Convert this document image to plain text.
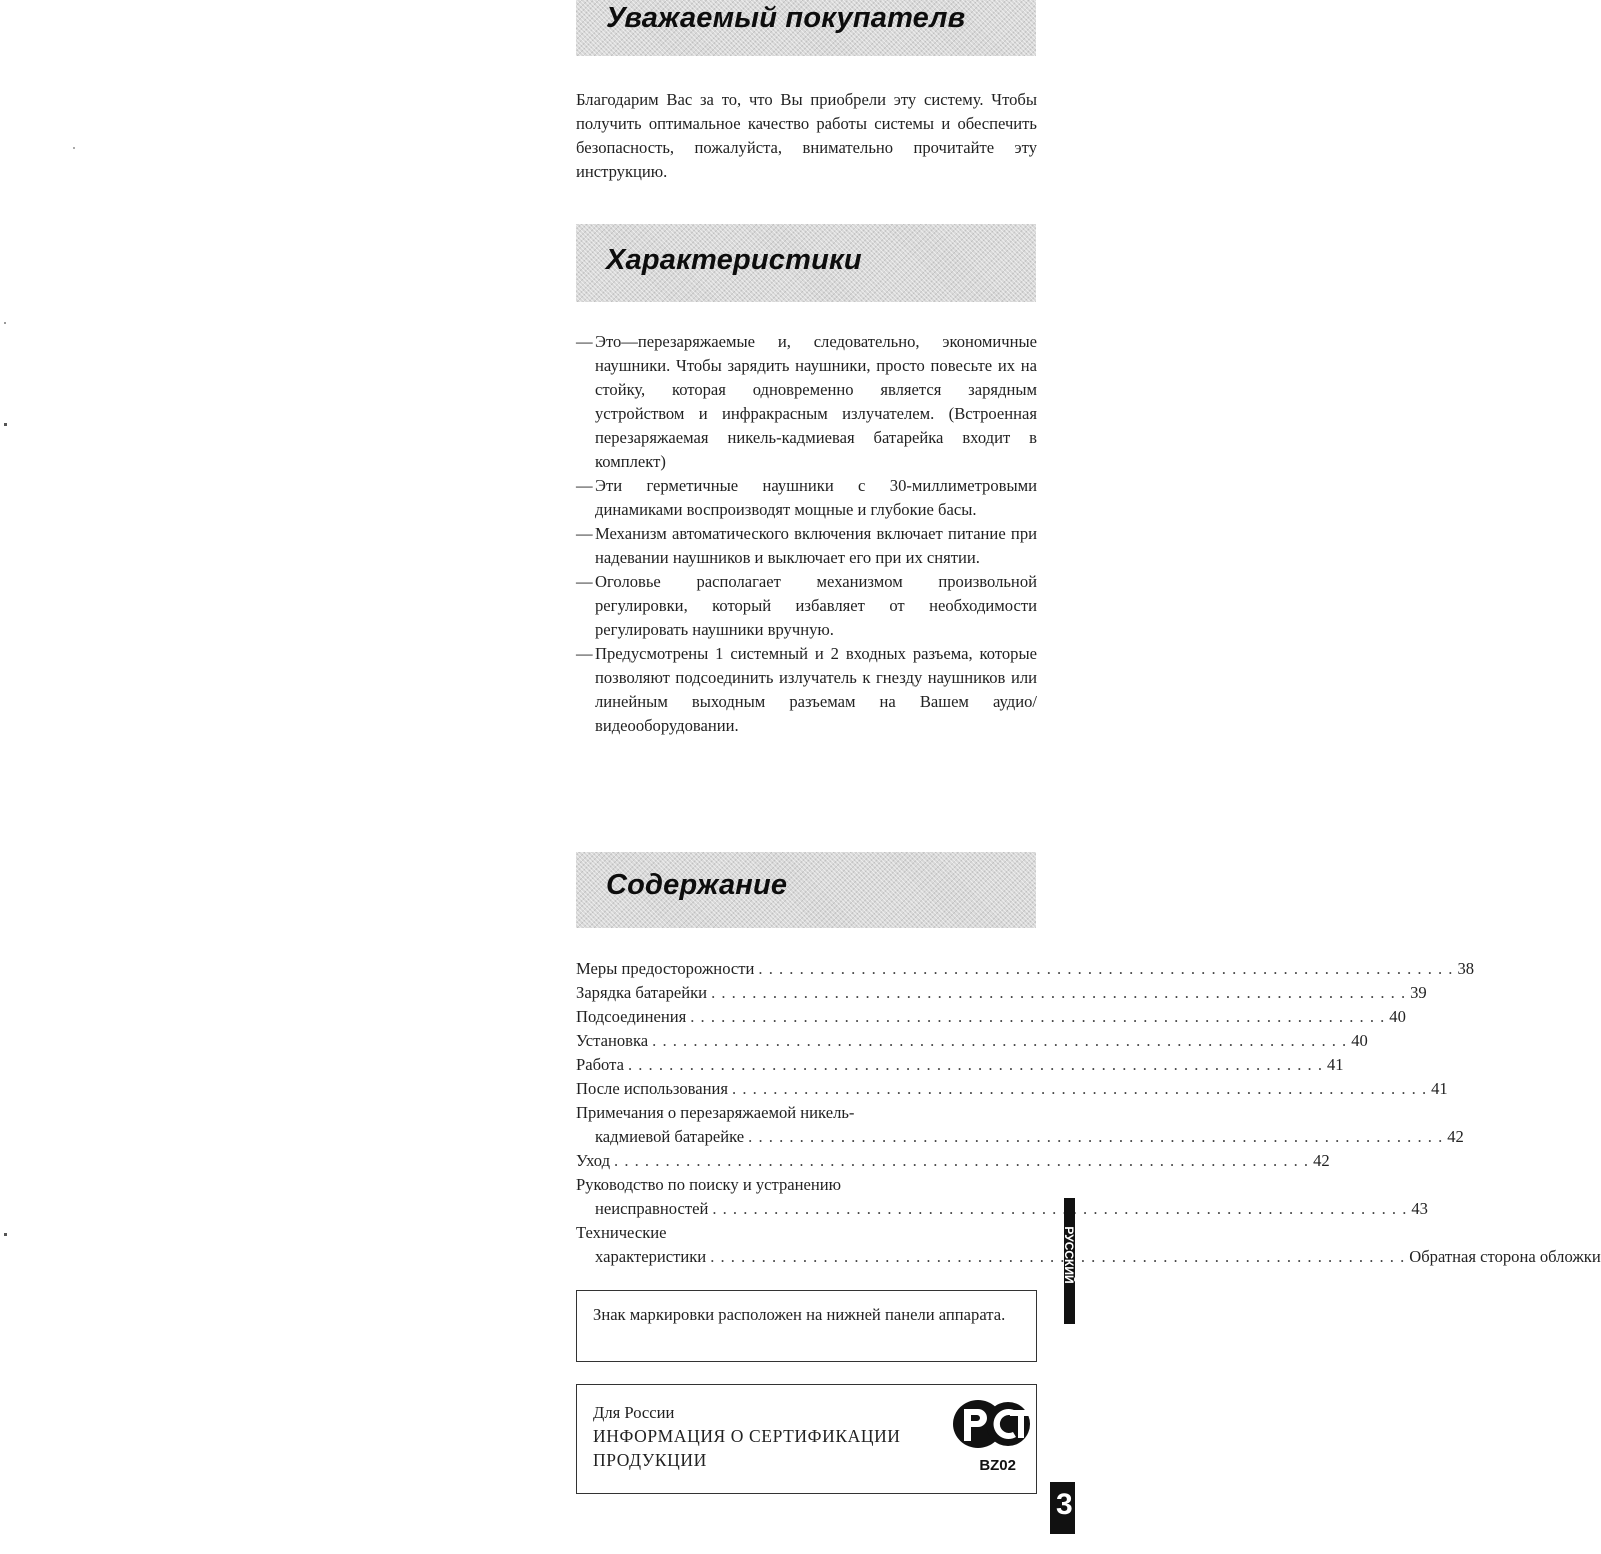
Уважаемый покупателв
Благодарим Вас за то, что Вы приобрели эту систему. Чтобы получить оптимальное качество работы системы и обеспечить безопасность, пожалуйста, внимательно прочитайте эту инструкцию.
Характеристики
— Это—перезаряжаемые и, следовательно, экономичные наушники. Чтобы зарядить наушники, просто повесьте их на стойку, которая одновременно является зарядным устройством и инфракрасным излучателем. (Встроенная перезаряжаемая никель-кадмиевая батарейка входит в комплект)
— Эти герметичные наушники с 30-миллиметровыми динамиками воспроизводят мощные и глубокие басы.
— Механизм автоматического включения включает питание при надевании наушников и выключает его при их снятии.
— Оголовье располагает механизмом произвольной регулировки, который избавляет от необходимости регулировать наушники вручную.
— Предусмотрены 1 системный и 2 входных разъема, которые позволяют подсоединить излучатель к гнезду наушников или линейным выходным разъемам на Вашем аудио/видеооборудовании.
Содержание
Меры предосторожности . . .	38
Зарядка батарейки . . .	39
Подсоединения . . .	40
Установка . . .	40
Работа . . .	41
После использования . . .	41
Примечания о перезаряжаемой никель-
кадмиевой батарейке . . .	42
Уход . . .	42
Руководство по поиску и устранению
неисправностей . . .	43
Технические
характеристики . . .	Обратная сторона обложки
Знак маркировки расположен на нижней панели аппарата.
Для России
ИНФОРМАЦИЯ О СЕРТИФИКАЦИИ
ПРОДУКЦИИ	BZ02
РУССКИЙ
3
